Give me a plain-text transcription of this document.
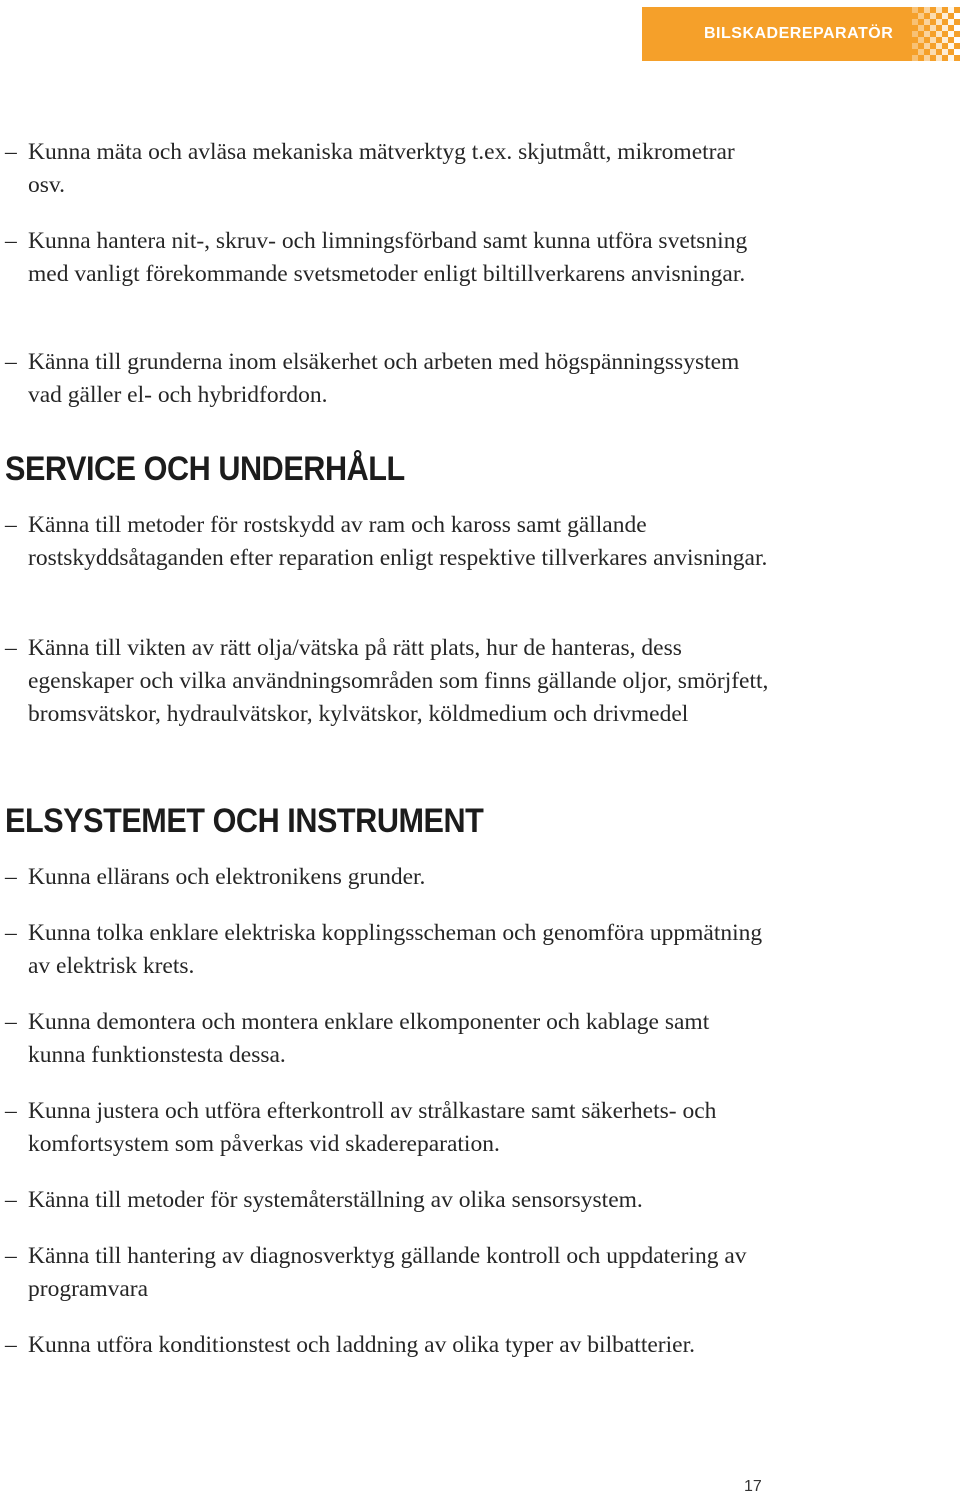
BILSKADEREPARATÖR
– Kunna mäta och avläsa mekaniska mätverktyg t.ex. skjutmått, mikrometrar osv.
– Kunna hantera nit-, skruv- och limningsförband samt kunna utföra svetsning med vanligt förekommande svetsmetoder enligt biltillverkarens anvisningar.
– Känna till grunderna inom elsäkerhet och arbeten med högspänningssystem vad gäller el- och hybridfordon.
SERVICE OCH UNDERHÅLL
– Känna till metoder för rostskydd av ram och kaross samt gällande rostskyddsåtaganden efter reparation enligt respektive tillverkares anvisningar.
– Känna till vikten av rätt olja/vätska på rätt plats, hur de hanteras, dess egenskaper och vilka användningsområden som finns gällande oljor, smörjfett, bromsvätskor, hydraulvätskor, kylvätskor, köldmedium och drivmedel
ELSYSTEMET OCH INSTRUMENT
– Kunna ellärans och elektronikens grunder.
– Kunna tolka enklare elektriska kopplingsscheman och genomföra uppmätning av elektrisk krets.
– Kunna demontera och montera enklare elkomponenter och kablage samt kunna funktionstesta dessa.
– Kunna justera och utföra efterkontroll av strålkastare samt säkerhets- och komfortsystem som påverkas vid skadereparation.
– Känna till metoder för systemåterställning av olika sensorsystem.
– Känna till hantering av diagnosverktyg gällande kontroll och uppdatering av programvara
– Kunna utföra konditionstest och laddning av olika typer av bilbatterier.
17
